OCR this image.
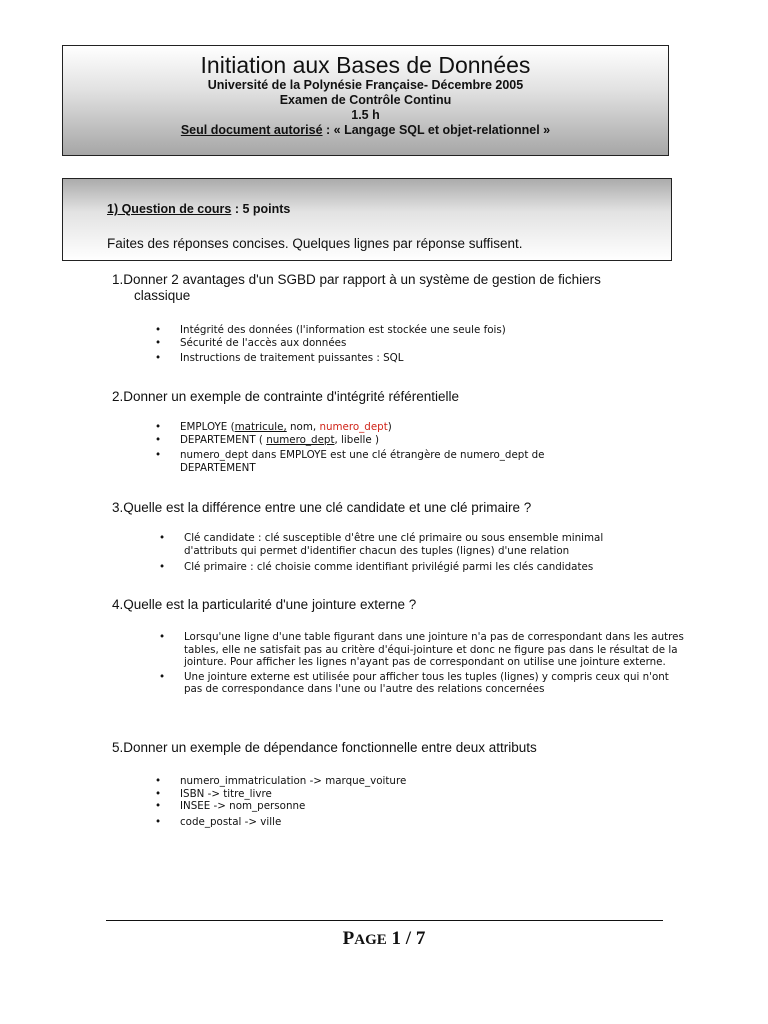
Initiation aux Bases de Données
Université de la Polynésie Française- Décembre 2005
Examen de Contrôle Continu
1.5 h
Seul document autorisé : « Langage SQL et objet-relationnel »
1) Question de cours : 5 points
Faites des réponses concises. Quelques lignes par réponse suffisent.
1.Donner 2 avantages d'un SGBD par rapport à un système de gestion de fichiers
classique
• Intégrité des données (l'information est stockée une seule fois)
• Sécurité de l'accès aux données
• Instructions de traitement puissantes : SQL
2.Donner un exemple de contrainte d'intégrité référentielle
• EMPLOYE (matricule, nom, numero_dept)
• DEPARTEMENT ( numero_dept, libelle )
• numero_dept dans EMPLOYE est une clé étrangère de numero_dept de
DEPARTEMENT
3.Quelle est la différence entre une clé candidate et une clé primaire ?
• Clé candidate : clé susceptible d'être une clé primaire ou sous ensemble minimal d'attributs qui permet d'identifier chacun des tuples (lignes) d'une relation
• Clé primaire : clé choisie comme identifiant privilégié parmi les clés candidates
4.Quelle est la particularité d'une jointure externe ?
• Lorsqu'une ligne d'une table figurant dans une jointure n'a pas de correspondant dans les autres tables, elle ne satisfait pas au critère d'équi-jointure et donc ne figure pas dans le résultat de la jointure. Pour afficher les lignes n'ayant pas de correspondant on utilise une jointure externe.
• Une jointure externe est utilisée pour afficher tous les tuples (lignes) y compris ceux qui n'ont pas de correspondance dans l'une ou l'autre des relations concernées
5.Donner un exemple de dépendance fonctionnelle entre deux attributs
• numero_immatriculation -> marque_voiture
• ISBN -> titre_livre
• INSEE -> nom_personne
• code_postal -> ville
PAGE 1 / 7
